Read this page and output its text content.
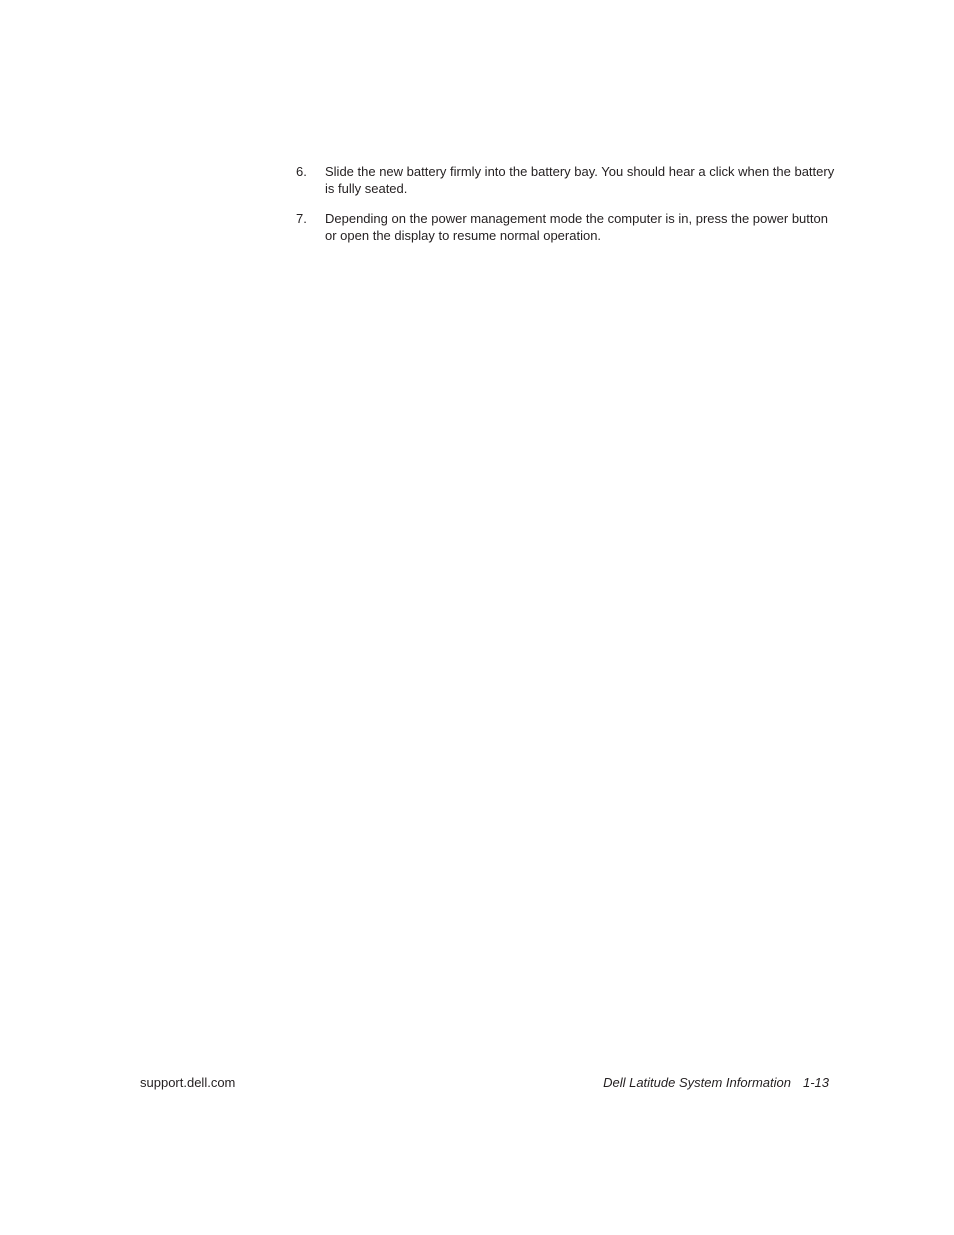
6. Slide the new battery firmly into the battery bay. You should hear a click when the battery is fully seated.
7. Depending on the power management mode the computer is in, press the power button or open the display to resume normal operation.
support.dell.com	Dell Latitude System Information 1-13
